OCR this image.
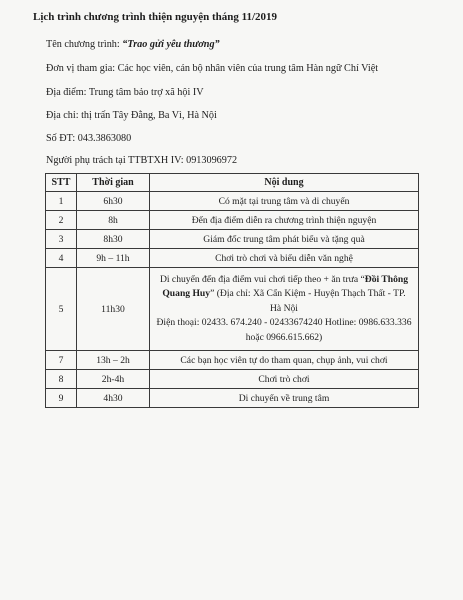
Lịch trình chương trình thiện nguyện tháng 11/2019
Tên chương trình: “Trao gửi yêu thương”
Đơn vị tham gia: Các học viên, cán bộ nhân viên của trung tâm Hàn ngữ Chí Việt
Địa điểm: Trung tâm bảo trợ xã hội IV
Địa chỉ: thị trấn Tây Đằng, Ba Vì, Hà Nội
Số ĐT: 043.3863080
Người phụ trách tại TTBTXH IV: 0913096972
STT	Thời gian	Nội dung
1	6h30	Có mặt tại trung tâm và di chuyển
2	8h	Đến địa điểm diễn ra chương trình thiện nguyện
3	8h30	Giám đốc trung tâm phát biểu và tặng quà
4	9h – 11h	Chơi trò chơi và biểu diễn văn nghệ
5	11h30	Di chuyển đến địa điểm vui chơi tiếp theo + ăn trưa “Đồi Thông Quang Huy” (Địa chỉ: Xã Cẩn Kiệm - Huyện Thạch Thất - TP. Hà Nội
Điện thoại: 02433. 674.240 - 02433674240 Hotline: 0986.633.336 hoặc 0966.615.662)
7	13h – 2h	Các bạn học viên tự do tham quan, chụp ảnh, vui chơi
8	2h-4h	Chơi trò chơi
9	4h30	Di chuyển về trung tâm
